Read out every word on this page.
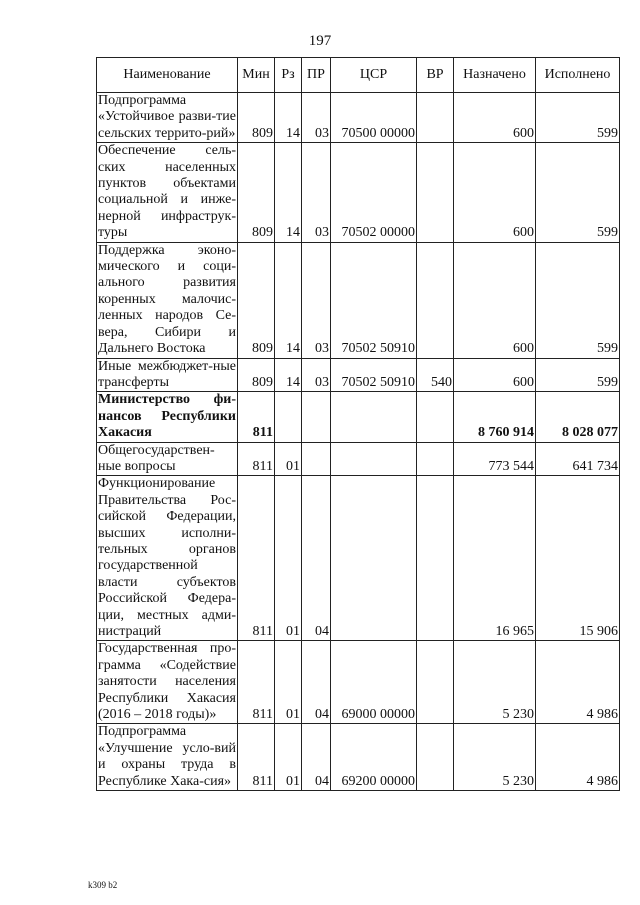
197
Наименование	Мин	Рз	ПР	ЦСР	ВР	Назначено	Исполнено
Подпрограмма «Устойчивое разви-тие сельских террито-рий»	809	14	03	70500 00000		600	599
Обеспечение сель-ских населенных пунктов объектами социальной и инже-нерной инфраструк-туры	809	14	03	70502 00000		600	599
Поддержка эконо-мического и соци-ального развития коренных малочис-ленных народов Се-вера, Сибири и Дальнего Востока	809	14	03	70502 50910		600	599
Иные межбюджет-ные трансферты	809	14	03	70502 50910	540	600	599
Министерство фи-нансов Республики Хакасия	811					8 760 914	8 028 077
Общегосударствен-ные вопросы	811	01				773 544	641 734
Функционирование Правительства Рос-сийской Федерации, высших исполни-тельных органов государственной власти субъектов Российской Федера-ции, местных адми-нистраций	811	01	04			16 965	15 906
Государственная про-грамма «Содействие занятости населения Республики Хакасия (2016 – 2018 годы)»	811	01	04	69000 00000		5 230	4 986
Подпрограмма «Улучшение усло-вий и охраны труда в Республике Хака-сия»	811	01	04	69200 00000		5 230	4 986
k309 b2
